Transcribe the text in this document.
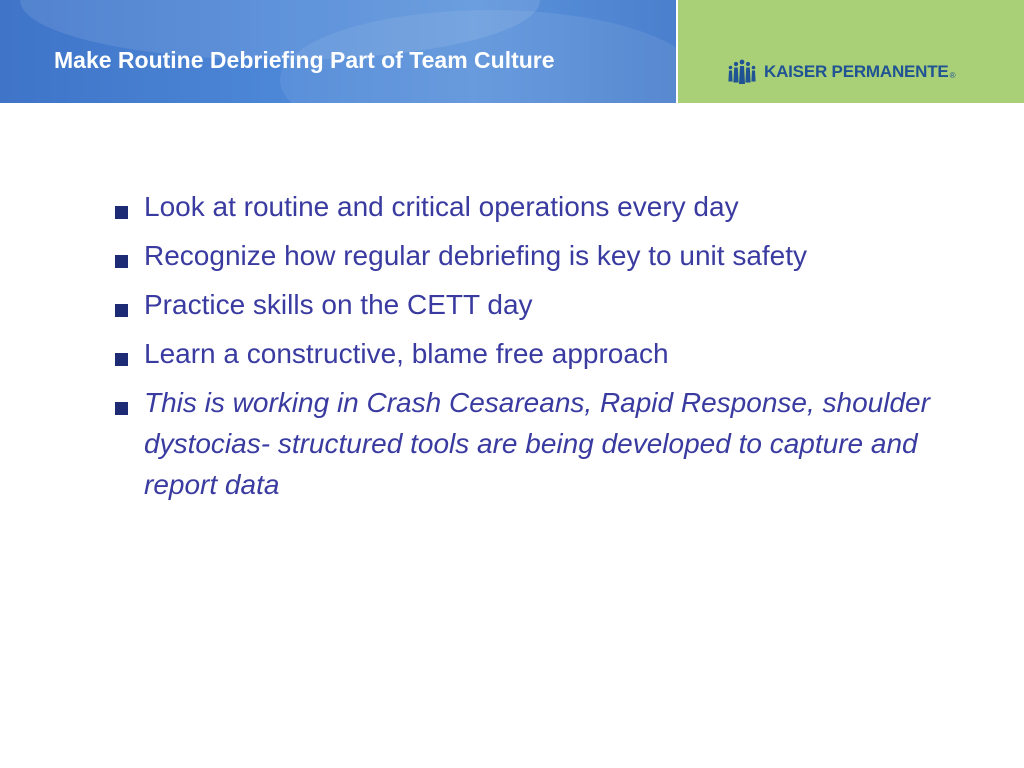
Make Routine Debriefing Part of Team Culture	KAISER PERMANENTE ®
Look at routine and critical operations every day
Recognize how regular debriefing is key to unit safety
Practice skills on the CETT day
Learn a constructive, blame free approach
This is working in Crash Cesareans, Rapid Response, shoulder dystocias- structured tools are being developed to capture and report data
